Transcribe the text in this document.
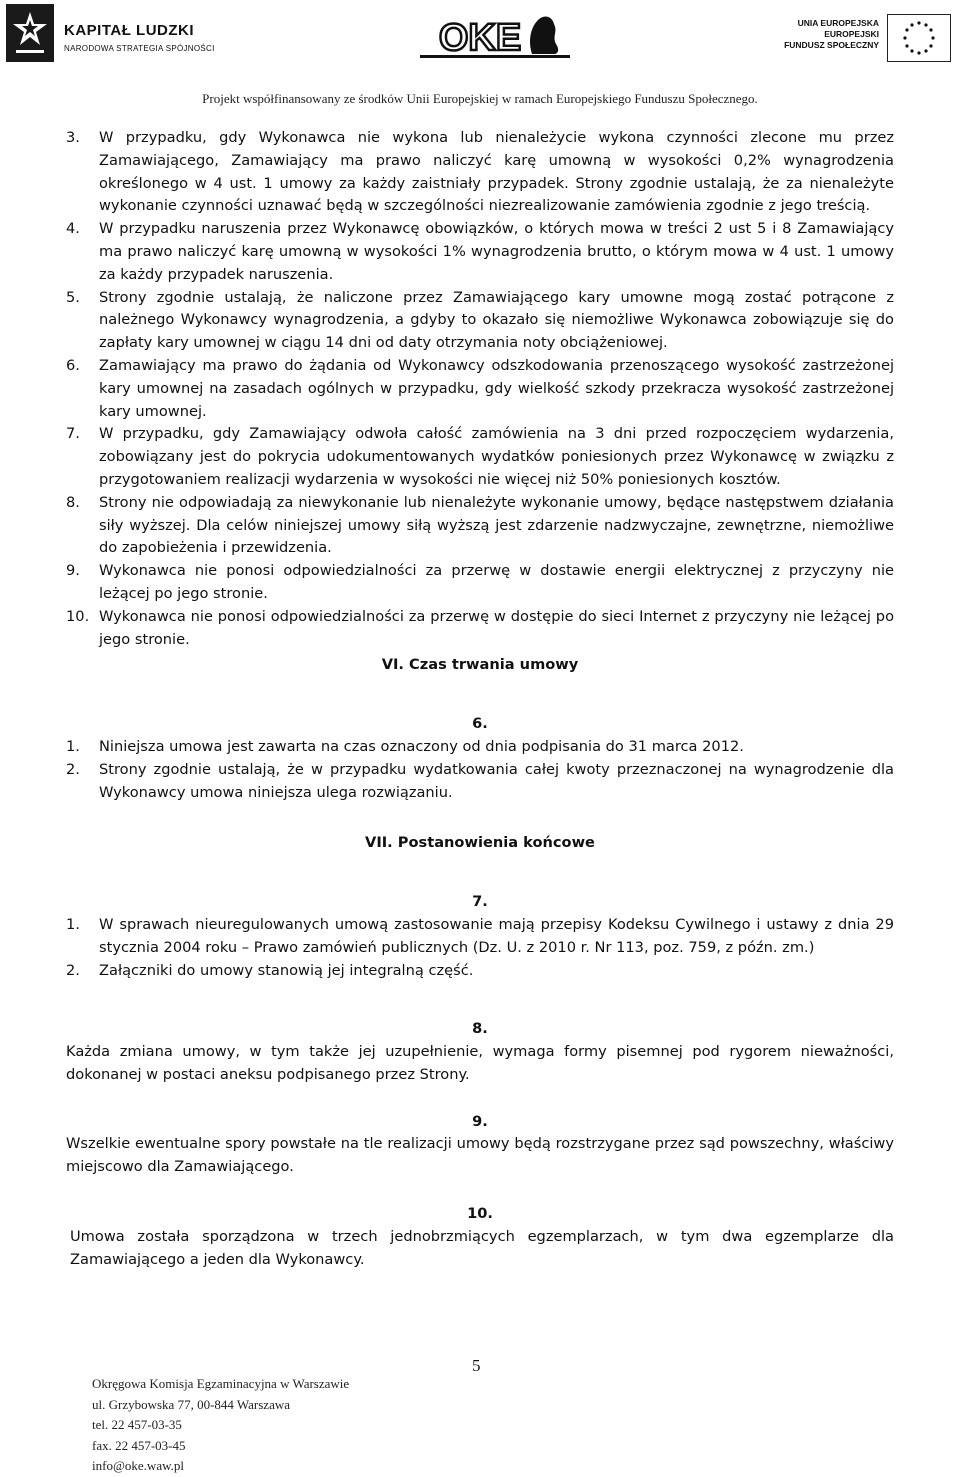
KAPITAŁ LUDZKI
NARODOWA STRATEGIA SPÓJNOŚCI	OKE	UNIA EUROPEJSKA
EUROPEJSKI
FUNDUSZ SPOŁECZNY
Projekt współfinansowany ze środków Unii Europejskiej w ramach Europejskiego Funduszu Społecznego.
3.	W przypadku, gdy Wykonawca nie wykona lub nienależycie wykona czynności zlecone mu przez Zamawiającego, Zamawiający ma prawo naliczyć karę umowną w wysokości 0,2% wynagrodzenia określonego w 4 ust. 1 umowy za każdy zaistniały przypadek. Strony zgodnie ustalają, że za nienależyte wykonanie czynności uznawać będą w szczególności niezrealizowanie zamówienia zgodnie z jego treścią.
4.	W przypadku naruszenia przez Wykonawcę obowiązków, o których mowa w treści 2 ust 5 i 8 Zamawiający ma prawo naliczyć karę umowną w wysokości 1% wynagrodzenia brutto, o którym mowa w 4 ust. 1 umowy za każdy przypadek naruszenia.
5.	Strony zgodnie ustalają, że naliczone przez Zamawiającego kary umowne mogą zostać potrącone z należnego Wykonawcy wynagrodzenia, a gdyby to okazało się niemożliwe Wykonawca zobowiązuje się do zapłaty kary umownej w ciągu 14 dni od daty otrzymania noty obciążeniowej.
6.	Zamawiający ma prawo do żądania od Wykonawcy odszkodowania przenoszącego wysokość zastrzeżonej kary umownej na zasadach ogólnych w przypadku, gdy wielkość szkody przekracza wysokość zastrzeżonej kary umownej.
7.	W przypadku, gdy Zamawiający odwoła całość zamówienia na 3 dni przed rozpoczęciem wydarzenia, zobowiązany jest do pokrycia udokumentowanych wydatków poniesionych przez Wykonawcę w związku z przygotowaniem realizacji wydarzenia w wysokości nie więcej niż 50% poniesionych kosztów.
8.	Strony nie odpowiadają za niewykonanie lub nienależyte wykonanie umowy, będące następstwem działania siły wyższej. Dla celów niniejszej umowy siłą wyższą jest zdarzenie nadzwyczajne, zewnętrzne, niemożliwe do zapobieżenia i przewidzenia.
9.	Wykonawca nie ponosi odpowiedzialności za przerwę w dostawie energii elektrycznej z przyczyny nie leżącej po jego stronie.
10. Wykonawca nie ponosi odpowiedzialności za przerwę w dostępie do sieci Internet z przyczyny nie leżącej po jego stronie.
VI. Czas trwania umowy
6.
1.	Niniejsza umowa jest zawarta na czas oznaczony od dnia podpisania do 31 marca 2012.
2.	Strony zgodnie ustalają, że w przypadku wydatkowania całej kwoty przeznaczonej na wynagrodzenie dla Wykonawcy umowa niniejsza ulega rozwiązaniu.
VII. Postanowienia końcowe
7.
1.	W sprawach nieuregulowanych umową zastosowanie mają przepisy Kodeksu Cywilnego i ustawy z dnia 29 stycznia 2004 roku – Prawo zamówień publicznych (Dz. U. z 2010 r. Nr 113, poz. 759, z późn. zm.)
2.	Załączniki do umowy stanowią jej integralną część.
8.
Każda zmiana umowy, w tym także jej uzupełnienie, wymaga formy pisemnej pod rygorem nieważności, dokonanej w postaci aneksu podpisanego przez Strony.
9.
Wszelkie ewentualne spory powstałe na tle realizacji umowy będą rozstrzygane przez sąd powszechny, właściwy miejscowo dla Zamawiającego.
10.
Umowa została sporządzona w trzech jednobrzmiących egzemplarzach, w tym dwa egzemplarze dla Zamawiającego a jeden dla Wykonawcy.
5
Okręgowa Komisja Egzaminacyjna w Warszawie
ul. Grzybowska 77, 00-844 Warszawa
tel. 22 457-03-35
fax. 22 457-03-45
info@oke.waw.pl
